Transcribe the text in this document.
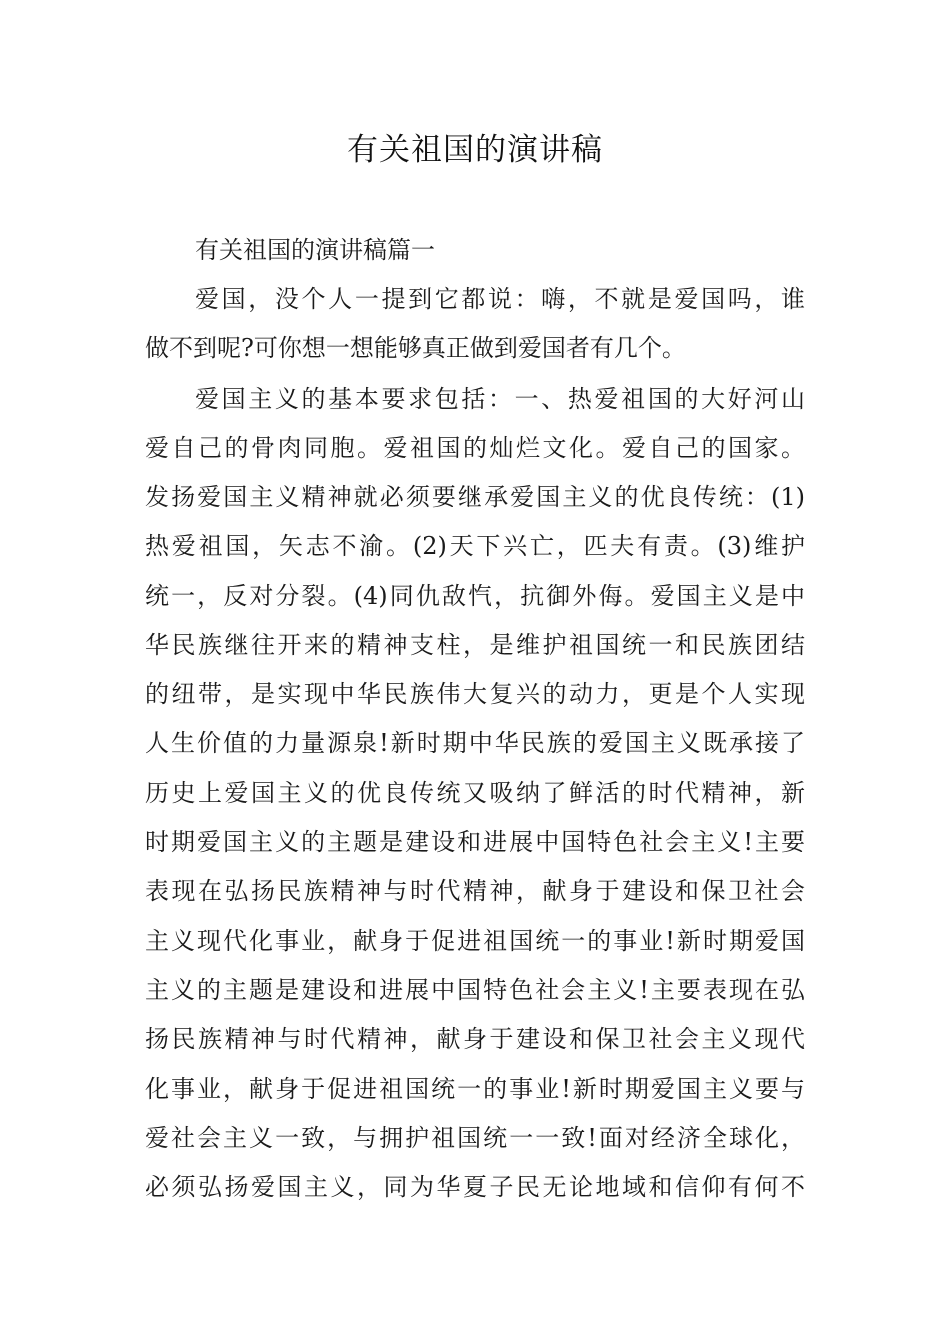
有关祖国的演讲稿
有关祖国的演讲稿篇一
爱国，没个人一提到它都说：嗨，不就是爱国吗，谁
做不到呢?可你想一想能够真正做到爱国者有几个。
爱国主义的基本要求包括：一、热爱祖国的大好河山
爱自己的骨肉同胞。爱祖国的灿烂文化。爱自己的国家。
发扬爱国主义精神就必须要继承爱国主义的优良传统：(1)
热爱祖国，矢志不渝。(2)天下兴亡，匹夫有责。(3)维护
统一，反对分裂。(4)同仇敌忾，抗御外侮。爱国主义是中
华民族继往开来的精神支柱，是维护祖国统一和民族团结
的纽带，是实现中华民族伟大复兴的动力，更是个人实现
人生价值的力量源泉!新时期中华民族的爱国主义既承接了
历史上爱国主义的优良传统又吸纳了鲜活的时代精神，新
时期爱国主义的主题是建设和进展中国特色社会主义!主要
表现在弘扬民族精神与时代精神，献身于建设和保卫社会
主义现代化事业，献身于促进祖国统一的事业!新时期爱国
主义的主题是建设和进展中国特色社会主义!主要表现在弘
扬民族精神与时代精神，献身于建设和保卫社会主义现代
化事业，献身于促进祖国统一的事业!新时期爱国主义要与
爱社会主义一致，与拥护祖国统一一致!面对经济全球化，
必须弘扬爱国主义，同为华夏子民无论地域和信仰有何不
